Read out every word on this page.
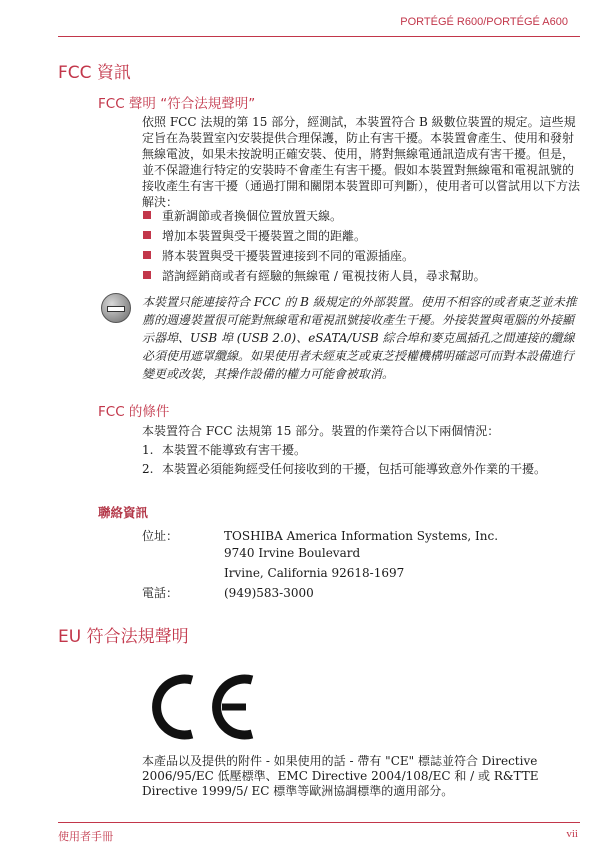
PORTÉGÉ R600/PORTÉGÉ A600
FCC 資訊
FCC 聲明 “符合法規聲明”

依照 FCC 法規的第 15 部分，經測試，本裝置符合 B 級數位裝置的規定。這些規定旨在為裝置室內安裝提供合理保護，防止有害干擾。本裝置會產生、使用和發射無線電波，如果未按說明正確安裝、使用，將對無線電通訊造成有害干擾。但是，並不保證進行特定的安裝時不會產生有害干擾。假如本裝置對無線電和電視訊號的接收產生有害干擾（通過打開和關閉本裝置即可判斷），使用者可以嘗試用以下方法解決：

重新調節或者換個位置放置天線。
增加本裝置與受干擾裝置之間的距離。
將本裝置與受干擾裝置連接到不同的電源插座。
諮詢經銷商或者有經驗的無線電 / 電視技術人員，尋求幫助。

本裝置只能連接符合 FCC 的 B 級規定的外部裝置。使用不相容的或者東芝並未推薦的週邊裝置很可能對無線電和電視訊號接收產生干擾。外接裝置與電腦的外接顯示器埠、USB 埠 (USB 2.0)、eSATA/USB 綜合埠和麥克風插孔之間連接的纜線必須使用遮罩纜線。如果使用者未經東芝或東芝授權機構明確認可而對本設備進行變更或改裝，其操作設備的權力可能會被取消。

FCC 的條件

本裝置符合 FCC 法規第 15 部分。裝置的作業符合以下兩個情況：

1. 本裝置不能導致有害干擾。
2. 本裝置必須能夠經受任何接收到的干擾，包括可能導致意外作業的干擾。
聯絡資訊
位址：	TOSHIBA America Information Systems, Inc.
9740 Irvine Boulevard
Irvine, California 92618-1697
電話：	(949)583-3000
EU 符合法規聲明

本產品以及提供的附件 - 如果使用的話 - 帶有 "CE" 標誌並符合 Directive 2006/95/EC 低壓標準、EMC Directive 2004/108/EC 和 / 或 R&TTE Directive 1999/5/ EC 標準等歐洲協調標準的適用部分。

使用者手冊	vii
